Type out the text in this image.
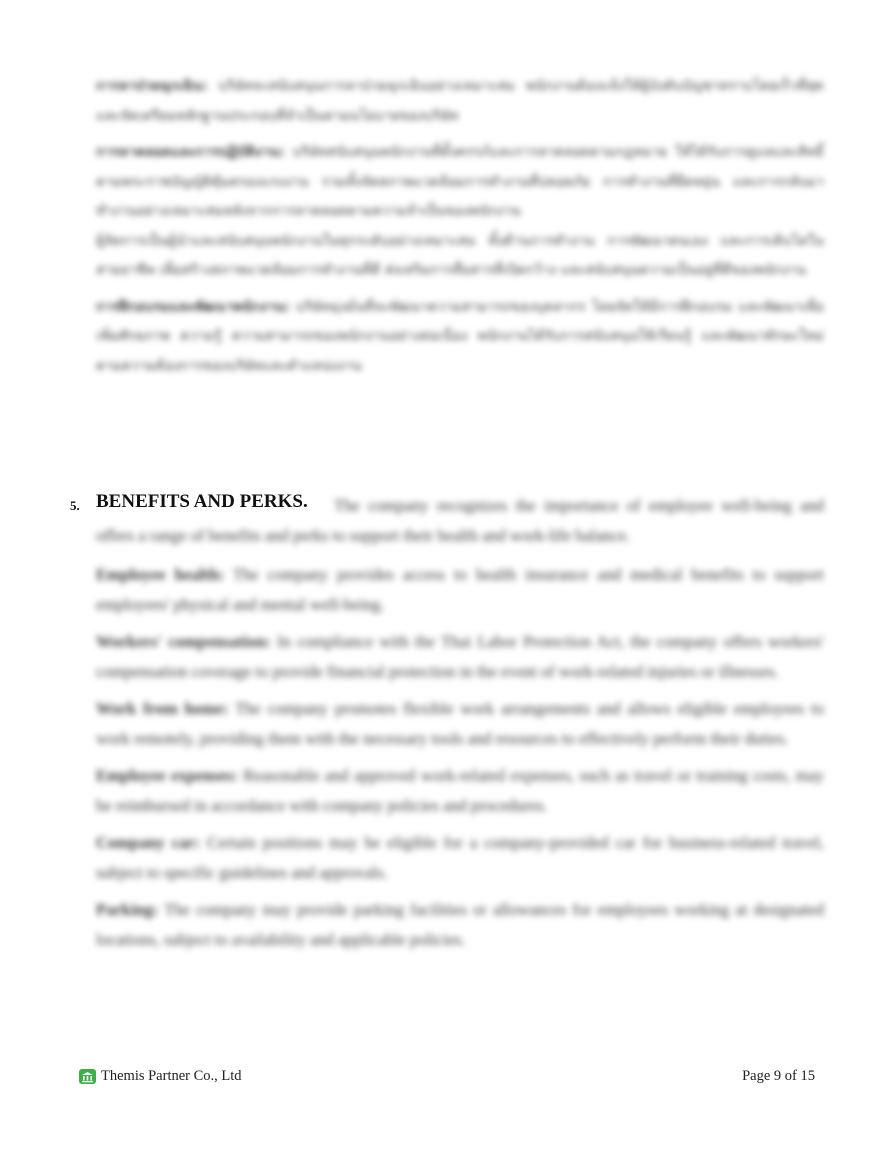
การลาป่วยฉุกเฉิน: บริษัทจะสนับสนุนการลาป่วยฉุกเฉินอย่างเหมาะสม พนักงานต้องแจ้งให้ผู้บังคับบัญชาทราบโดยเร็วที่สุด และจัดเตรียมหลักฐานประกอบที่จำเป็นตามนโยบายของบริษัท

การลาคลอดและการปฏิบัติงาน: บริษัทสนับสนุนพนักงานที่ตั้งครรภ์และการลาคลอดตามกฎหมาย ให้ได้รับการดูแลและสิทธิ์ตามพระราชบัญญัติคุ้มครองแรงงาน รวมทั้งจัดสภาพแวดล้อมการทำงานที่ปลอดภัย การทำงานที่ยืดหยุ่น และการกลับมาทำงานอย่างเหมาะสมหลังจากการลาคลอดตามความจำเป็นของพนักงาน

ผู้จัดการเป็นผู้นำและสนับสนุนพนักงานในทุกระดับอย่างเหมาะสม ทั้งด้านการทำงาน การพัฒนาตนเอง และการเติบโตในสายอาชีพ เพื่อสร้างสภาพแวดล้อมการทำงานที่ดี ส่งเสริมการสื่อสารที่เปิดกว้าง และสนับสนุนความเป็นอยู่ที่ดีของพนักงาน

การฝึกอบรมและพัฒนาพนักงาน: บริษัทมุ่งมั่นที่จะพัฒนาความสามารถของบุคลากร โดยจัดให้มีการฝึกอบรม และพัฒนาเพื่อเพิ่มศักยภาพ ความรู้ ความสามารถของพนักงานอย่างต่อเนื่อง พนักงานได้รับการสนับสนุนให้เรียนรู้ และพัฒนาทักษะใหม่ตามความต้องการของบริษัทและตำแหน่งงาน

5. BENEFITS AND PERKS.	The company recognizes the importance of employee well-being and offers a range of benefits and perks to support their health and work-life balance.

Employee health: The company provides access to health insurance and medical benefits to support employees' physical and mental well-being.

Workers' compensation: In compliance with the Thai Labor Protection Act, the company offers workers' compensation coverage to provide financial protection in the event of work-related injuries or illnesses.

Work from home: The company promotes flexible work arrangements and allows eligible employees to work remotely, providing them with the necessary tools and resources to effectively perform their duties.

Employee expenses: Reasonable and approved work-related expenses, such as travel or training costs, may be reimbursed in accordance with company policies and procedures.

Company car: Certain positions may be eligible for a company-provided car for business-related travel, subject to specific guidelines and approvals.

Parking: The company may provide parking facilities or allowances for employees working at designated locations, subject to availability and applicable policies.

Themis Partner Co., Ltd	Page 9 of 15
